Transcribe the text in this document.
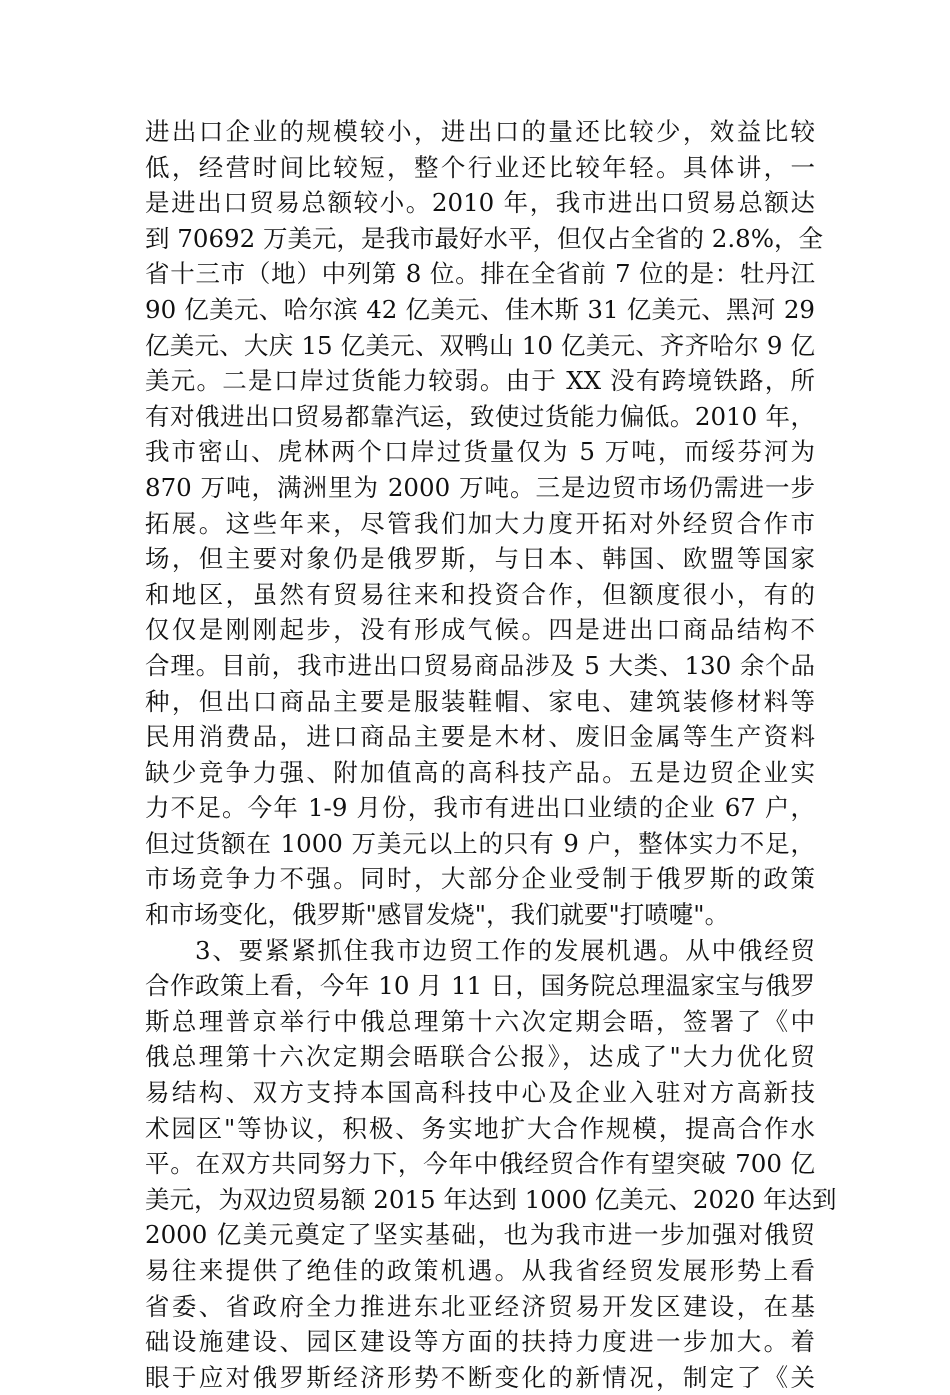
进出口企业的规模较小，进出口的量还比较少，效益比较
低，经营时间比较短，整个行业还比较年轻。具体讲，一
是进出口贸易总额较小。2010 年，我市进出口贸易总额达
到 70692 万美元，是我市最好水平，但仅占全省的 2.8%，全
省十三市（地）中列第 8 位。排在全省前 7 位的是：牡丹江
90 亿美元、哈尔滨 42 亿美元、佳木斯 31 亿美元、黑河 29
亿美元、大庆 15 亿美元、双鸭山 10 亿美元、齐齐哈尔 9 亿
美元。二是口岸过货能力较弱。由于 XX 没有跨境铁路，所
有对俄进出口贸易都靠汽运，致使过货能力偏低。2010 年，
我市密山、虎林两个口岸过货量仅为 5 万吨，而绥芬河为
870 万吨，满洲里为 2000 万吨。三是边贸市场仍需进一步
拓展。这些年来，尽管我们加大力度开拓对外经贸合作市
场，但主要对象仍是俄罗斯，与日本、韩国、欧盟等国家
和地区，虽然有贸易往来和投资合作，但额度很小，有的
仅仅是刚刚起步，没有形成气候。四是进出口商品结构不
合理。目前，我市进出口贸易商品涉及 5 大类、130 余个品
种，但出口商品主要是服装鞋帽、家电、建筑装修材料等
民用消费品，进口商品主要是木材、废旧金属等生产资料
缺少竞争力强、附加值高的高科技产品。五是边贸企业实
力不足。今年 1-9 月份，我市有进出口业绩的企业 67 户，
但过货额在 1000 万美元以上的只有 9 户，整体实力不足，
市场竞争力不强。同时，大部分企业受制于俄罗斯的政策
和市场变化，俄罗斯"感冒发烧"，我们就要"打喷嚏"。
3、要紧紧抓住我市边贸工作的发展机遇。从中俄经贸
合作政策上看，今年 10 月 11 日，国务院总理温家宝与俄罗
斯总理普京举行中俄总理第十六次定期会晤，签署了《中
俄总理第十六次定期会晤联合公报》，达成了"大力优化贸
易结构、双方支持本国高科技中心及企业入驻对方高新技
术园区"等协议，积极、务实地扩大合作规模，提高合作水
平。在双方共同努力下，今年中俄经贸合作有望突破 700 亿
美元，为双边贸易额 2015 年达到 1000 亿美元、2020 年达到
2000 亿美元奠定了坚实基础，也为我市进一步加强对俄贸
易往来提供了绝佳的政策机遇。从我省经贸发展形势上看
省委、省政府全力推进东北亚经济贸易开发区建设，在基
础设施建设、园区建设等方面的扶持力度进一步加大。着
眼于应对俄罗斯经济形势不断变化的新情况，制定了《关
